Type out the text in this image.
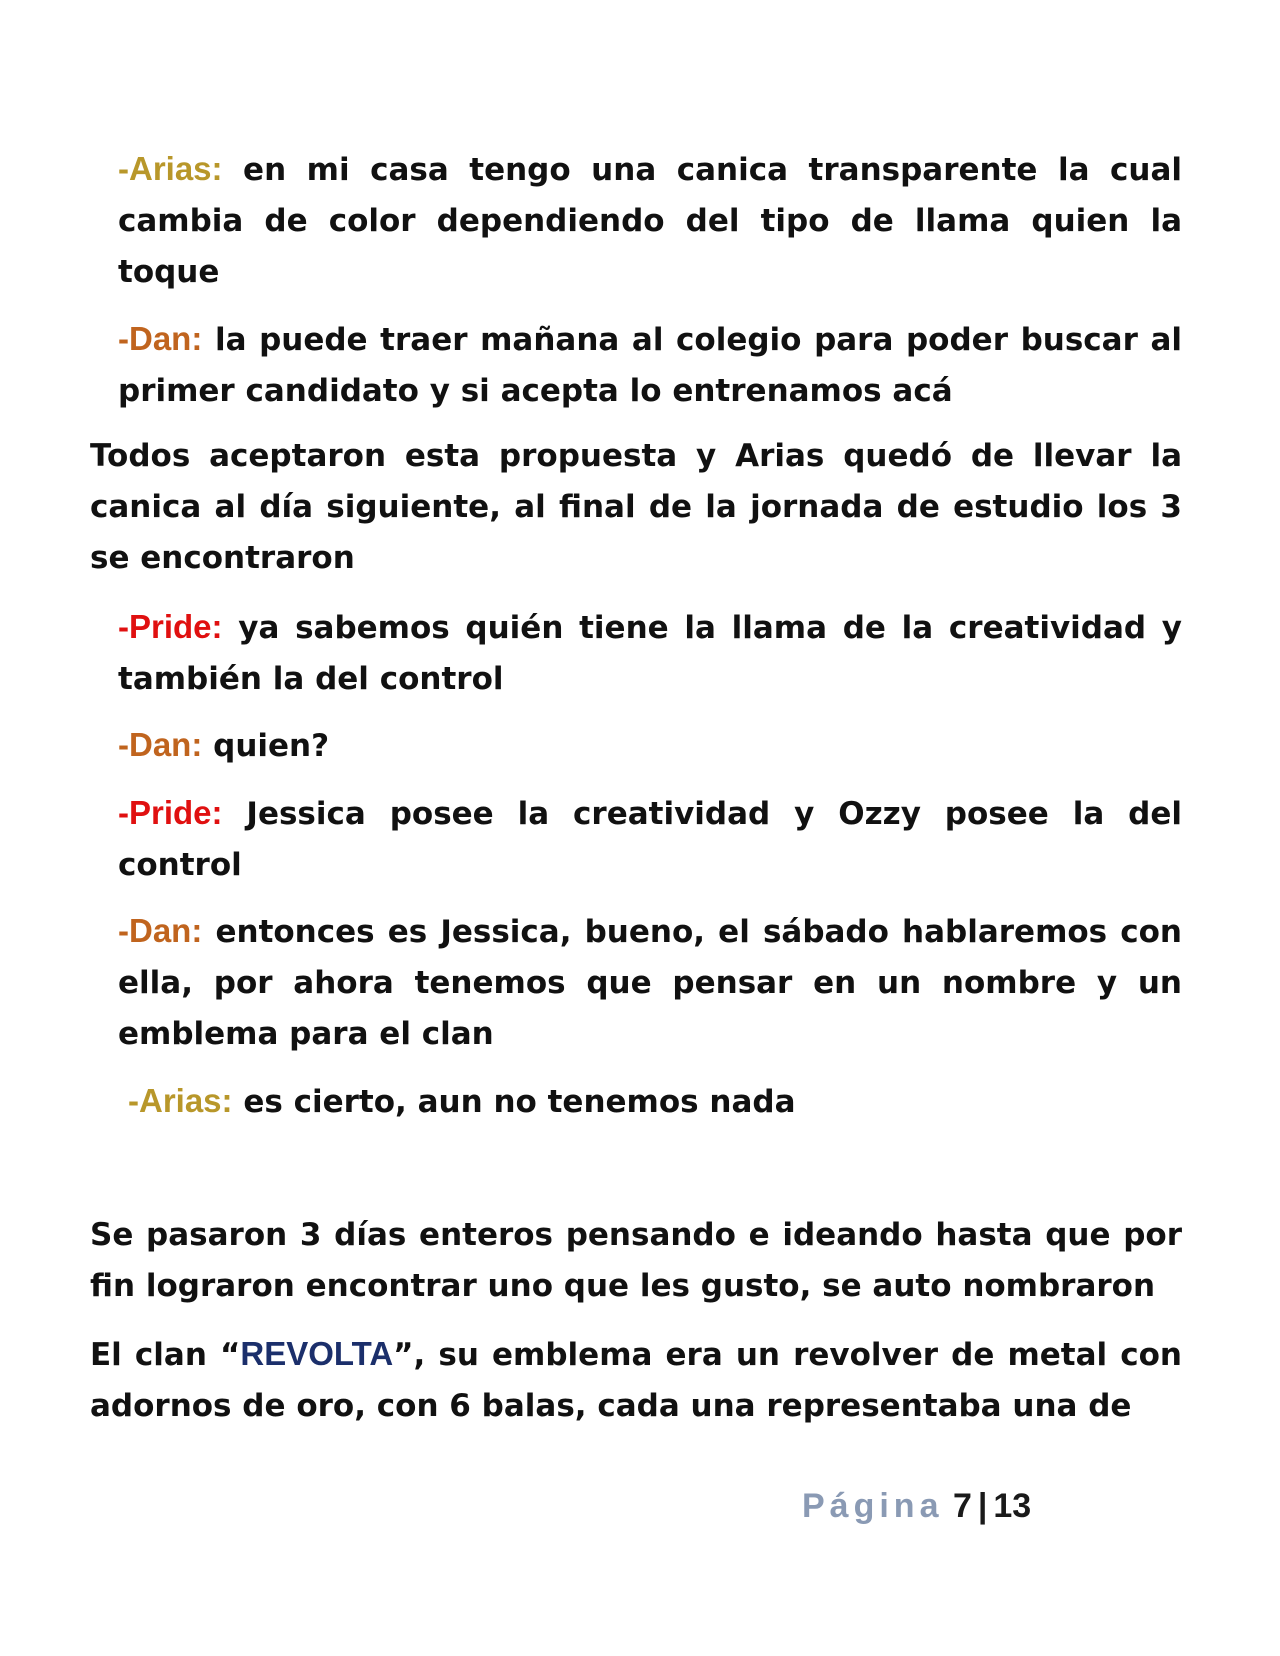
-Arias: en mi casa tengo una canica transparente la cual cambia de color dependiendo del tipo de llama quien la toque

-Dan: la puede traer mañana al colegio para poder buscar al primer candidato y si acepta lo entrenamos acá

Todos aceptaron esta propuesta y Arias quedó de llevar la canica al día siguiente, al final de la jornada de estudio los 3 se encontraron

-Pride: ya sabemos quién tiene la llama de la creatividad y también la del control

-Dan: quien?

-Pride: Jessica posee la creatividad y Ozzy posee la del control

-Dan: entonces es Jessica, bueno, el sábado hablaremos con ella, por ahora tenemos que pensar en un nombre y un emblema para el clan

-Arias: es cierto, aun no tenemos nada

Se pasaron 3 días enteros pensando e ideando hasta que por fin lograron encontrar uno que les gusto, se auto nombraron

El clan “REVOLTA”, su emblema era un revolver de metal con adornos de oro, con 6 balas, cada una representaba una de

Página 7 | 13
